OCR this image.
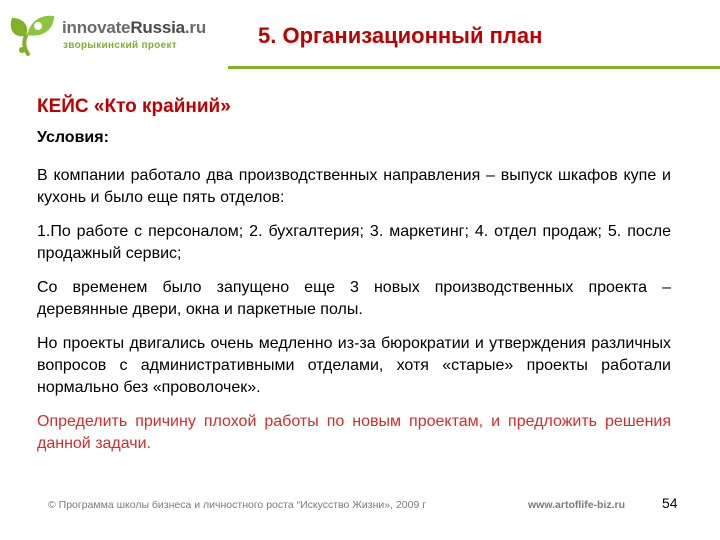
innovateRussia.ru
зворыкинский проект	5. Организационный план
КЕЙС «Кто крайний»
Условия:

В компании работало два производственных направления – выпуск шкафов купе и кухонь и было еще пять отделов:

1.По работе с персоналом; 2. бухгалтерия; 3. маркетинг; 4. отдел продаж; 5. после продажный сервис;

Со временем было запущено еще 3 новых производственных проекта – деревянные двери, окна и паркетные полы.

Но проекты двигались очень медленно из-за бюрократии и утверждения различных вопросов с административными отделами, хотя «старые» проекты работали нормально без «проволочек».

Определить причину плохой работы по новым проектам, и предложить решения данной задачи.

© Программа школы бизнеса и личностного роста “Искусство Жизни», 2009 г	www.artoflife-biz.ru	54
